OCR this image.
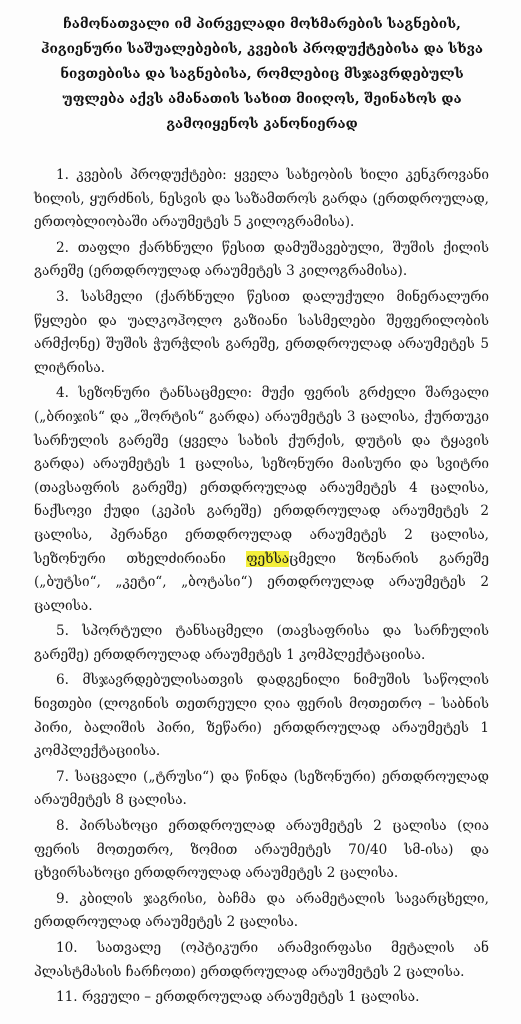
ჩამონათვალი იმ პირველადი მოხმარების საგნების, ჰიგიენური საშუალებების, კვების პროდუქტებისა და სხვა ნივთებისა და საგნებისა, რომლებიც მსჯავრდებულს უფლება აქვს ამანათის სახით მიიღოს, შეინახოს და გამოიყენოს კანონიერად

1. კვების პროდუქტები: ყველა სახეობის ხილი კენკროვანი ხილის, ყურძნის, ნესვის და საზამთროს გარდა (ერთდროულად, ერთობლიობაში არაუმეტეს 5 კილოგრამისა).

2. თაფლი ქარხნული წესით დამუშავებული, შუშის ქილის გარეშე (ერთდროულად არაუმეტეს 3 კილოგრამისა).

3. სასმელი (ქარხნული წესით დალუქული მინერალური წყლები და უალკოჰოლო გაზიანი სასმელები შეფერილობის არმქონე) შუშის ჭურჭლის გარეშე, ერთდროულად არაუმეტეს 5 ლიტრისა.

4. სეზონური ტანსაცმელი: მუქი ფერის გრძელი შარვალი („ბრიჯის“ და „შორტის“ გარდა) არაუმეტეს 3 ცალისა, ქურთუკი სარჩულის გარეშე (ყველა სახის ქურქის, დუტის და ტყავის გარდა) არაუმეტეს 1 ცალისა, სეზონური მაისური და სვიტრი (თავსაფრის გარეშე) ერთდროულად არაუმეტეს 4 ცალისა, ნაქსოვი ქუდი (კეპის გარეშე) ერთდროულად არაუმეტეს 2 ცალისა, პერანგი ერთდროულად არაუმეტეს 2 ცალისა, სეზონური თხელძირიანი ფეხსაცმელი ზონარის გარეშე („ბუტსი“, „კეტი“, „ბოტასი“) ერთდროულად არაუმეტეს 2 ცალისა.

5. სპორტული ტანსაცმელი (თავსაფრისა და სარჩულის გარეშე) ერთდროულად არაუმეტეს 1 კომპლექტაციისა.

6. მსჯავრდებულისათვის დადგენილი ნიმუშის საწოლის ნივთები (ლოგინის თეთრეული ღია ფერის მოთეთრო – საბნის პირი, ბალიშის პირი, ზეწარი) ერთდროულად არაუმეტეს 1 კომპლექტაციისა.

7. საცვალი („ტრუსი“) და წინდა (სეზონური) ერთდროულად არაუმეტეს 8 ცალისა.

8. პირსახოცი ერთდროულად არაუმეტეს 2 ცალისა (ღია ფერის მოთეთრო, ზომით არაუმეტეს 70/40 სმ-ისა) და ცხვირსახოცი ერთდროულად არაუმეტეს 2 ცალისა.

9. კბილის ჯაგრისი, ბაჩმა და არამეტალის სავარცხელი, ერთდროულად არაუმეტეს 2 ცალისა.

10. სათვალე (ოპტიკური არამვირფასი მეტალის ან პლასტმასის ჩარჩოთი) ერთდროულად არაუმეტეს 2 ცალისა.

11. რვეული – ერთდროულად არაუმეტეს 1 ცალისა.
